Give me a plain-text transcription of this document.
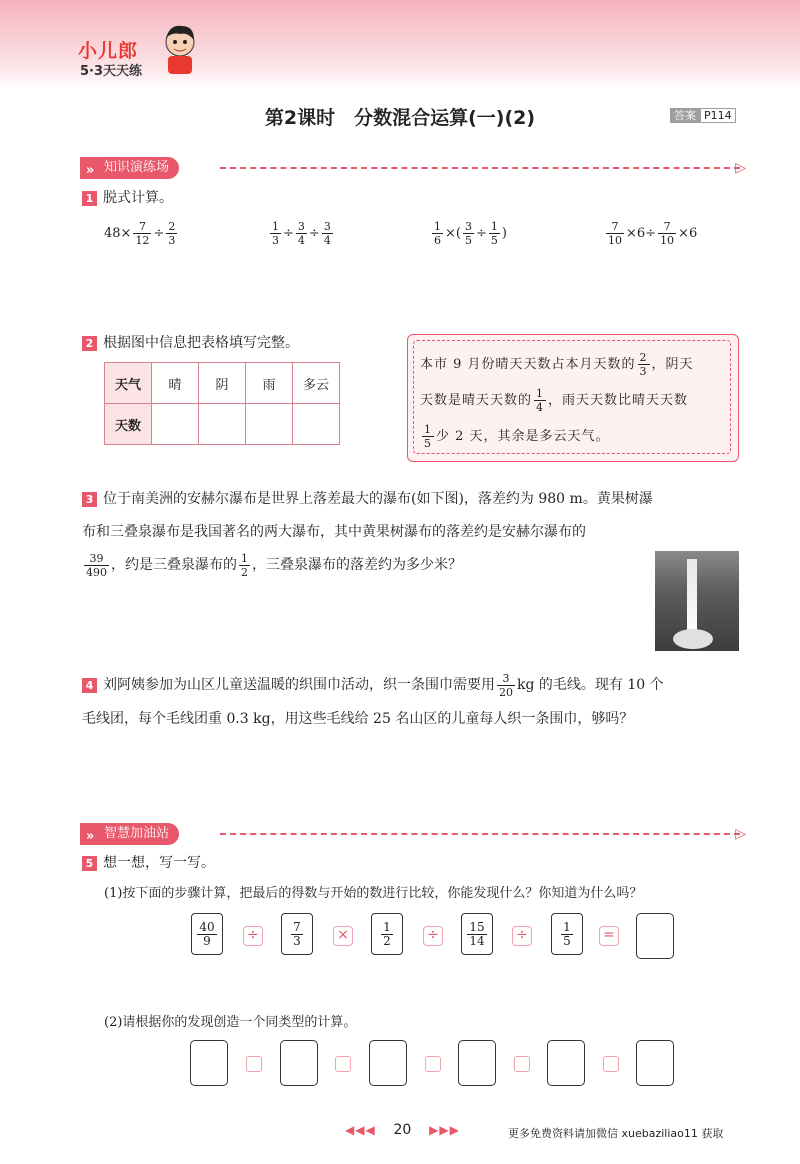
小儿郎
5·3天天练
第2课时　分数混合运算(一)(2)	答案 P114
» 知识演练场	▷
1 脱式计算。
$48\times \frac{7}{12} \div \frac{2}{3}$	$\frac{1}{3} \div \frac{3}{4} \div \frac{3}{4}$	$\frac{1}{6}$ ×( $\frac{3}{5} \div \frac{1}{5}$ )	$\frac{7}{10} \times 6\div \frac{7}{10} \times 6$
2 根据图中信息把表格填写完整。
天气	晴	阴	雨	多云
天数				
本市 9 月份晴天天数占本月天数的 $\frac{2}{3}$ ，阴天
天数是晴天天数的 $\frac{1}{4}$ ，雨天天数比晴天天数

$\frac{1}{5}$ 少 2 天，其余是多云天气。
3 位于南美洲的安赫尔瀑布是世界上落差最大的瀑布(如下图)，落差约为 980 m。黄果树瀑
布和三叠泉瀑布是我国著名的两大瀑布，其中黄果树瀑布的落差约是安赫尔瀑布的

$\frac{39}{490}$ ，约是三叠泉瀑布的 $\frac{1}{2}$ ，三叠泉瀑布的落差约为多少米？
4 刘阿姨参加为山区儿童送温暖的织围巾活动，织一条围巾需要用 $\frac{3}{20}$ kg 的毛线。现有 10 个
毛线团，每个毛线团重 0.3 kg，用这些毛线给 25 名山区的儿童每人织一条围巾，够吗？
» 智慧加油站	▷
5 想一想，写一写。
(1)按下面的步骤计算，把最后的得数与开始的数进行比较，你能发现什么？你知道为什么吗？
$\frac{40}{9}$ ÷	$\frac{7}{3}$ ×	$\frac{1}{2}$ ÷	$\frac{15}{14}$ ÷	$\frac{1}{5}$ =
(2)请根据你的发现创造一个同类型的计算。
◀◀◀ 20 ▶▶▶	更多免费资料请加微信 xuebaziliao11 获取
